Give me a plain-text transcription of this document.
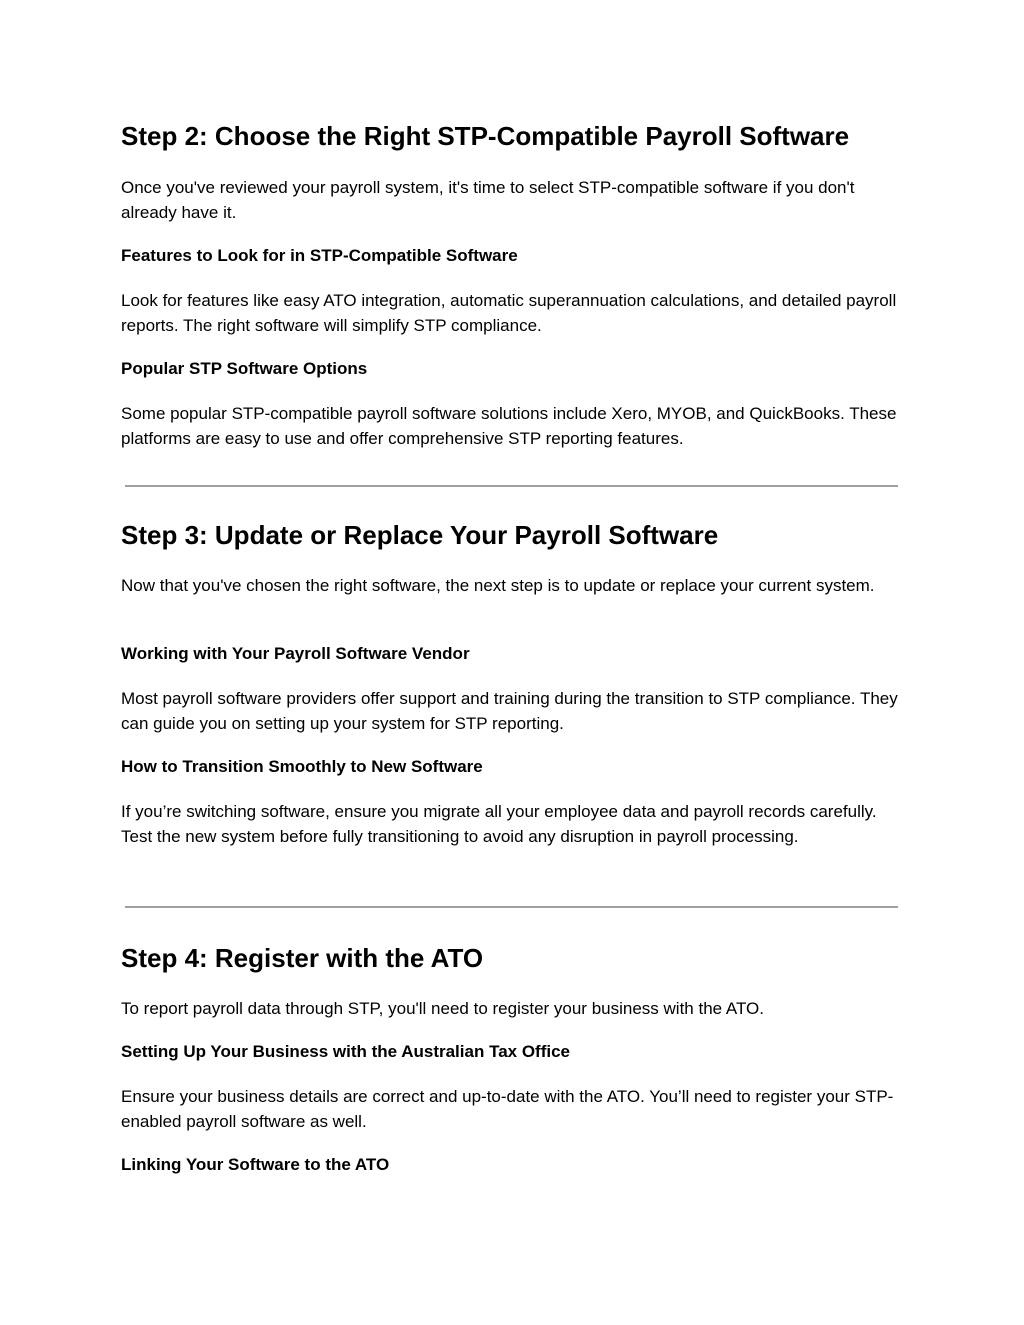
Step 2: Choose the Right STP-Compatible Payroll Software

Once you've reviewed your payroll system, it's time to select STP-compatible software if you don't already have it.

Features to Look for in STP-Compatible Software

Look for features like easy ATO integration, automatic superannuation calculations, and detailed payroll reports. The right software will simplify STP compliance.

Popular STP Software Options

Some popular STP-compatible payroll software solutions include Xero, MYOB, and QuickBooks. These platforms are easy to use and offer comprehensive STP reporting features.

Step 3: Update or Replace Your Payroll Software

Now that you've chosen the right software, the next step is to update or replace your current system.

Working with Your Payroll Software Vendor

Most payroll software providers offer support and training during the transition to STP compliance. They can guide you on setting up your system for STP reporting.

How to Transition Smoothly to New Software

If you’re switching software, ensure you migrate all your employee data and payroll records carefully. Test the new system before fully transitioning to avoid any disruption in payroll processing.

Step 4: Register with the ATO

To report payroll data through STP, you'll need to register your business with the ATO.

Setting Up Your Business with the Australian Tax Office

Ensure your business details are correct and up-to-date with the ATO. You’ll need to register your STP-enabled payroll software as well.

Linking Your Software to the ATO
